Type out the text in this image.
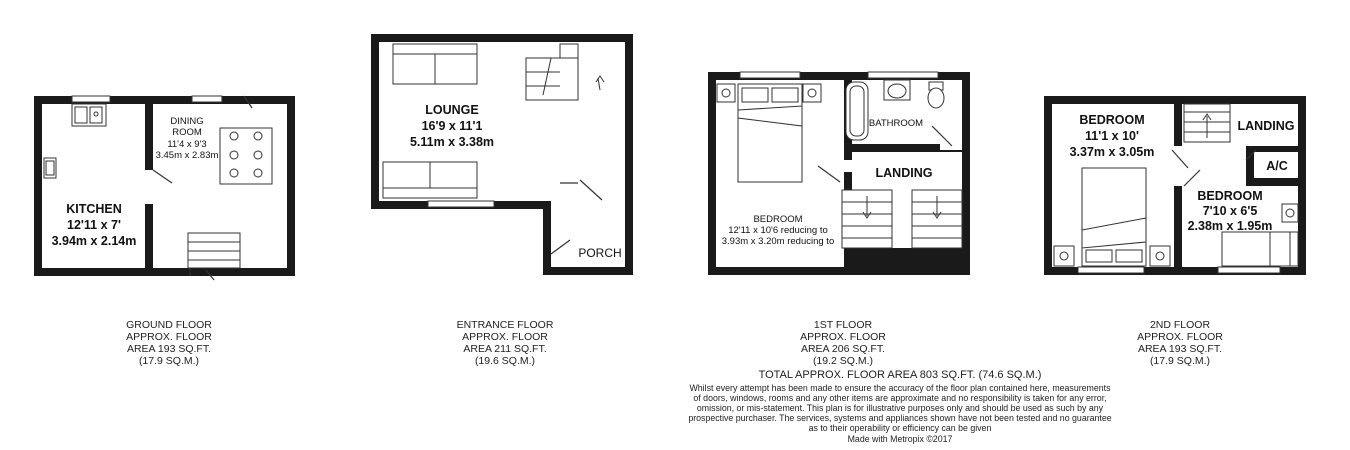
KITCHEN
12'11 x 7'
3.94m x 2.14m
DINING
ROOM
11'4 x 9'3
3.45m x 2.83m
LOUNGE
16'9 x 11'1
5.11m x 3.38m
PORCH
BATHROOM
LANDING
BEDROOM
12'11 x 10'6 reducing to
3.93m x 3.20m reducing to
BEDROOM
11'1 x 10'
3.37m x 3.05m
LANDING
A/C
BEDROOM
7'10 x 6'5
2.38m x 1.95m
GROUND FLOOR
APPROX. FLOOR
AREA 193 SQ.FT.
(17.9 SQ.M.)
ENTRANCE FLOOR
APPROX. FLOOR
AREA 211 SQ.FT.
(19.6 SQ.M.)
1ST FLOOR
APPROX. FLOOR
AREA 206 SQ.FT.
(19.2 SQ.M.)
2ND FLOOR
APPROX. FLOOR
AREA 193 SQ.FT.
(17.9 SQ.M.)
TOTAL APPROX. FLOOR AREA 803 SQ.FT. (74.6 SQ.M.)
Whilst every attempt has been made to ensure the accuracy of the floor plan contained here, measurements
of doors, windows, rooms and any other items are approximate and no responsibility is taken for any error,
omission, or mis-statement. This plan is for illustrative purposes only and should be used as such by any
prospective purchaser. The services, systems and appliances shown have not been tested and no guarantee
as to their operability or efficiency can be given
Made with Metropix ©2017
